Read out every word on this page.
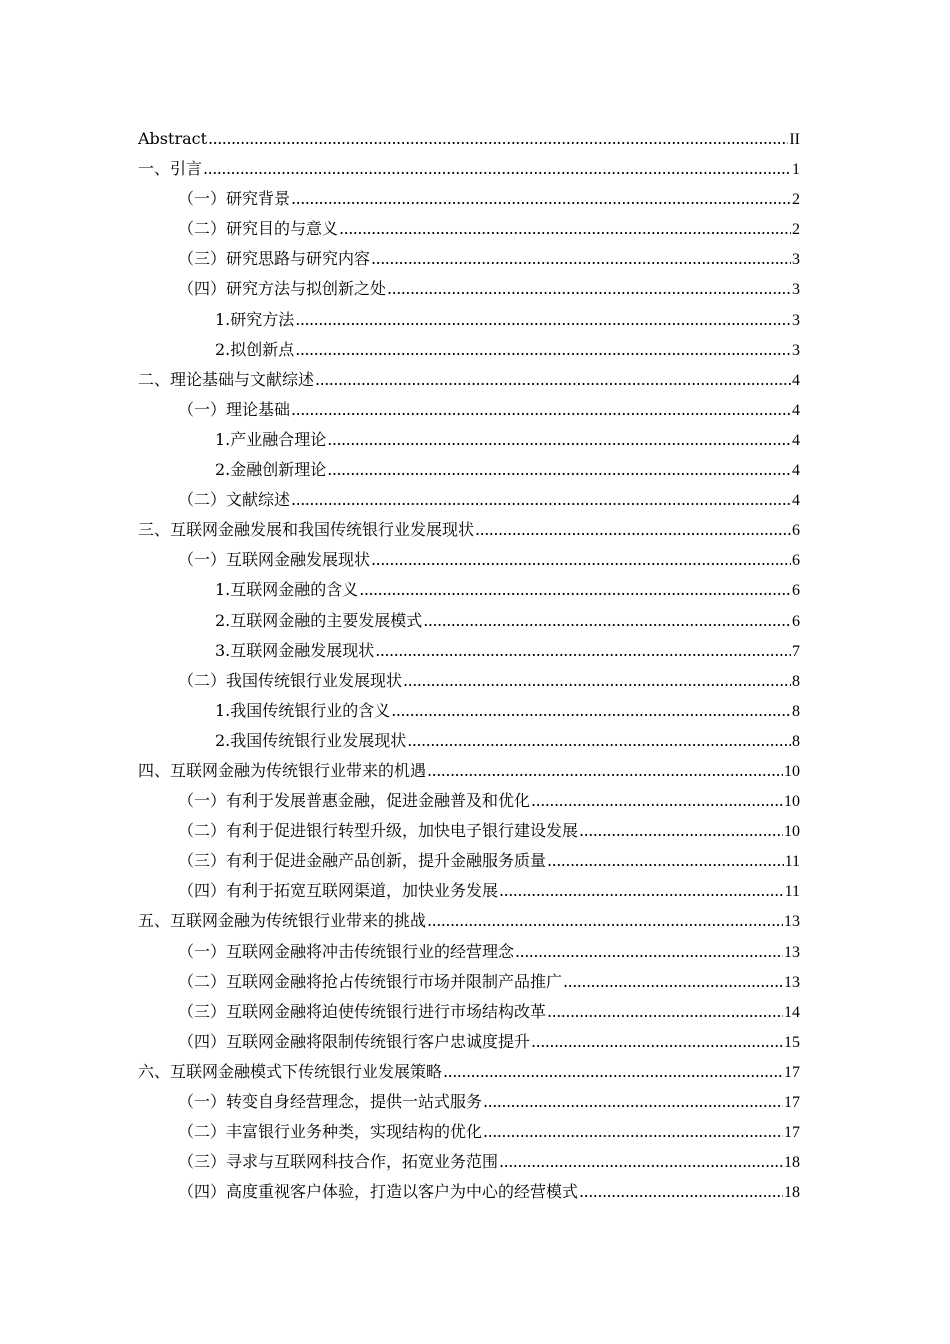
Abstract .....	II
一、引言 .....	1
（一）研究背景 .....	2
（二）研究目的与意义 .....	2
（三）研究思路与研究内容 .....	3
（四）研究方法与拟创新之处 .....	3
1.研究方法 .....	3
2.拟创新点 .....	3
二、理论基础与文献综述 .....	4
（一）理论基础 .....	4
1.产业融合理论 .....	4
2.金融创新理论 .....	4
（二）文献综述 .....	4
三、互联网金融发展和我国传统银行业发展现状 .....	6
（一）互联网金融发展现状 .....	6
1.互联网金融的含义 .....	6
2.互联网金融的主要发展模式 .....	6
3.互联网金融发展现状 .....	7
（二）我国传统银行业发展现状 .....	8
1.我国传统银行业的含义 .....	8
2.我国传统银行业发展现状 .....	8
四、互联网金融为传统银行业带来的机遇 .....	10
（一）有利于发展普惠金融，促进金融普及和优化 .....	10
（二）有利于促进银行转型升级，加快电子银行建设发展 .....	10
（三）有利于促进金融产品创新，提升金融服务质量 .....	11
（四）有利于拓宽互联网渠道，加快业务发展 .....	11
五、互联网金融为传统银行业带来的挑战 .....	13
（一）互联网金融将冲击传统银行业的经营理念 .....	13
（二）互联网金融将抢占传统银行市场并限制产品推广 .....	13
（三）互联网金融将迫使传统银行进行市场结构改革 .....	14
（四）互联网金融将限制传统银行客户忠诚度提升 .....	15
六、互联网金融模式下传统银行业发展策略 .....	17
（一）转变自身经营理念，提供一站式服务 .....	17
（二）丰富银行业务种类，实现结构的优化 .....	17
（三）寻求与互联网科技合作，拓宽业务范围 .....	18
（四）高度重视客户体验，打造以客户为中心的经营模式 .....	18
